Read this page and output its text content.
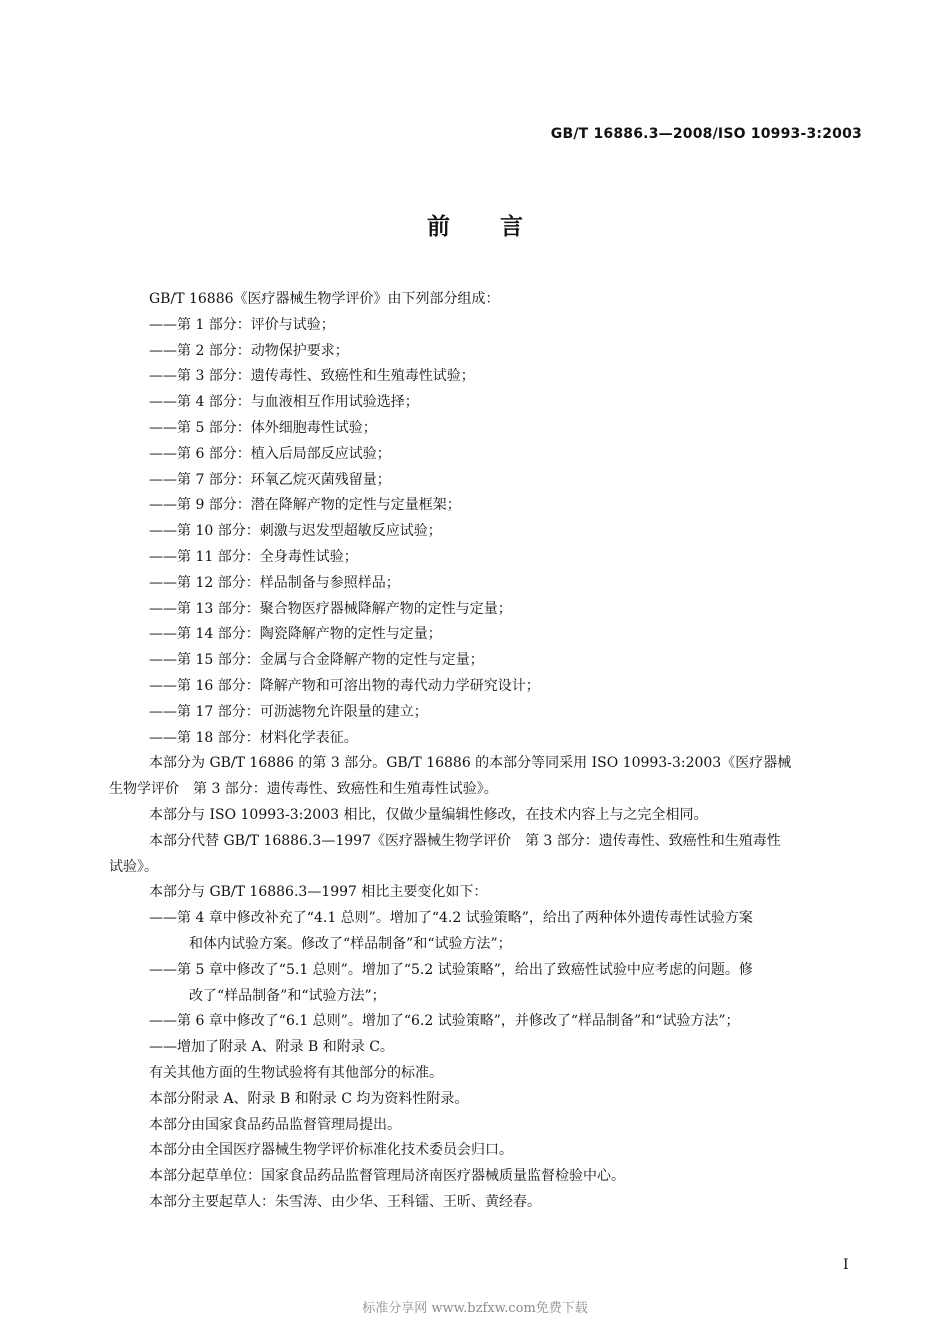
GB/T 16886.3—2008/ISO 10993-3:2003
前言
GB/T 16886《医疗器械生物学评价》由下列部分组成：
——第 1 部分：评价与试验；
——第 2 部分：动物保护要求；
——第 3 部分：遗传毒性、致癌性和生殖毒性试验；
——第 4 部分：与血液相互作用试验选择；
——第 5 部分：体外细胞毒性试验；
——第 6 部分：植入后局部反应试验；
——第 7 部分：环氧乙烷灭菌残留量；
——第 9 部分：潜在降解产物的定性与定量框架；
——第 10 部分：刺激与迟发型超敏反应试验；
——第 11 部分：全身毒性试验；
——第 12 部分：样品制备与参照样品；
——第 13 部分：聚合物医疗器械降解产物的定性与定量；
——第 14 部分：陶瓷降解产物的定性与定量；
——第 15 部分：金属与合金降解产物的定性与定量；
——第 16 部分：降解产物和可溶出物的毒代动力学研究设计；
——第 17 部分：可沥滤物允许限量的建立；
——第 18 部分：材料化学表征。
本部分为 GB/T 16886 的第 3 部分。GB/T 16886 的本部分等同采用 ISO 10993-3:2003《医疗器械
生物学评价　第 3 部分：遗传毒性、致癌性和生殖毒性试验》。
本部分与 ISO 10993-3:2003 相比，仅做少量编辑性修改，在技术内容上与之完全相同。
本部分代替 GB/T 16886.3—1997《医疗器械生物学评价　第 3 部分：遗传毒性、致癌性和生殖毒性
试验》。
本部分与 GB/T 16886.3—1997 相比主要变化如下：
——第 4 章中修改补充了“4.1 总则”。增加了“4.2 试验策略”，给出了两种体外遗传毒性试验方案
和体内试验方案。修改了“样品制备”和“试验方法”；
——第 5 章中修改了“5.1 总则”。增加了“5.2 试验策略”，给出了致癌性试验中应考虑的问题。修
改了“样品制备”和“试验方法”；
——第 6 章中修改了“6.1 总则”。增加了“6.2 试验策略”，并修改了“样品制备”和“试验方法”；
——增加了附录 A、附录 B 和附录 C。
有关其他方面的生物试验将有其他部分的标准。
本部分附录 A、附录 B 和附录 C 均为资料性附录。
本部分由国家食品药品监督管理局提出。
本部分由全国医疗器械生物学评价标准化技术委员会归口。
本部分起草单位：国家食品药品监督管理局济南医疗器械质量监督检验中心。
本部分主要起草人：朱雪涛、由少华、王科镭、王昕、黄经春。
I
标准分享网 www.bzfxw.com免费下载
